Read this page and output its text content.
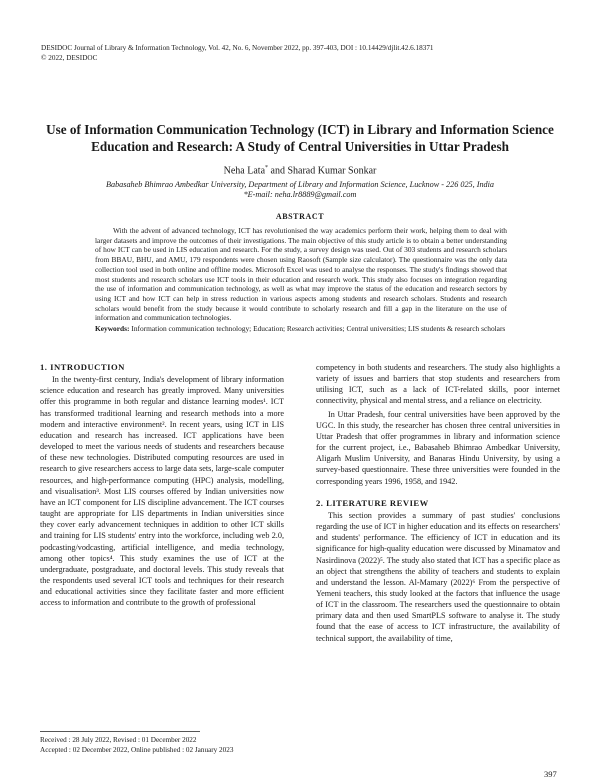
DESIDOC Journal of Library & Information Technology, Vol. 42, No. 6, November 2022, pp. 397-403, DOI : 10.14429/djlit.42.6.18371
© 2022, DESIDOC
Use of Information Communication Technology (ICT) in Library and Information Science Education and Research: A Study of Central Universities in Uttar Pradesh
Neha Lata* and Sharad Kumar Sonkar
Babasaheb Bhimrao Ambedkar University, Department of Library and Information Science, Lucknow - 226 025, India
*E-mail: neha.lr8889@gmail.com
ABSTRACT
With the advent of advanced technology, ICT has revolutionised the way academics perform their work, helping them to deal with larger datasets and improve the outcomes of their investigations. The main objective of this study article is to obtain a better understanding of how ICT can be used in LIS education and research. For the study, a survey design was used. Out of 303 students and research scholars from BBAU, BHU, and AMU, 179 respondents were chosen using Raosoft (Sample size calculator). The questionnaire was the only data collection tool used in both online and offline modes. Microsoft Excel was used to analyse the responses. The study's findings showed that most students and research scholars use ICT tools in their education and research work. This study also focuses on integration regarding the use of information and communication technology, as well as what may improve the status of the education and research sectors by using ICT and how ICT can help in stress reduction in various aspects among students and research scholars. Students and research scholars would benefit from the study because it would contribute to scholarly research and fill a gap in the literature on the use of information and communication technologies.
Keywords: Information communication technology; Education; Research activities; Central universities; LIS students & research scholars
1. INTRODUCTION

In the twenty-first century, India's development of library information science education and research has greatly improved. Many universities offer this programme in both regular and distance learning modes¹. ICT has transformed traditional learning and research methods into a more modern and interactive environment². In recent years, using ICT in LIS education and research has increased. ICT applications have been developed to meet the various needs of students and researchers because of these new technologies. Distributed computing resources are used in research to give researchers access to large data sets, large-scale computer resources, and high-performance computing (HPC) analysis, modelling, and visualisation³. Most LIS courses offered by Indian universities now have an ICT component for LIS discipline advancement. The ICT courses taught are appropriate for LIS departments in Indian universities since they cover early advancement techniques in addition to other ICT skills and training for LIS students' entry into the workforce, including web 2.0, podcasting/vodcasting, artificial intelligence, and media technology, among other topics⁴. This study examines the use of ICT at the undergraduate, postgraduate, and doctoral levels. This study reveals that the respondents used several ICT tools and techniques for their research and educational activities since they facilitate faster and more efficient access to information and contribute to the growth of professional

competency in both students and researchers. The study also highlights a variety of issues and barriers that stop students and researchers from utilising ICT, such as a lack of ICT-related skills, poor internet connectivity, physical and mental stress, and a reliance on electricity.

In Uttar Pradesh, four central universities have been approved by the UGC. In this study, the researcher has chosen three central universities in Uttar Pradesh that offer programmes in library and information science for the current project, i.e., Babasaheb Bhimrao Ambedkar University, Aligarh Muslim University, and Banaras Hindu University, by using a survey-based questionnaire. These three universities were founded in the corresponding years 1996, 1958, and 1942.

2. LITERATURE REVIEW

This section provides a summary of past studies' conclusions regarding the use of ICT in higher education and its effects on researchers' and students' performance. The efficiency of ICT in education and its significance for high-quality education were discussed by Minamatov and Nasirdinova (2022)⁵. The study also stated that ICT has a specific place as an object that strengthens the ability of teachers and students to explain and understand the lesson. Al-Mamary (2022)⁶ From the perspective of Yemeni teachers, this study looked at the factors that influence the usage of ICT in the classroom. The researchers used the questionnaire to obtain primary data and then used SmartPLS software to analyse it. The study found that the ease of access to ICT infrastructure, the availability of technical support, the availability of time,

Received : 28 July 2022, Revised : 01 December 2022
Accepted : 02 December 2022, Online published : 02 January 2023
397
